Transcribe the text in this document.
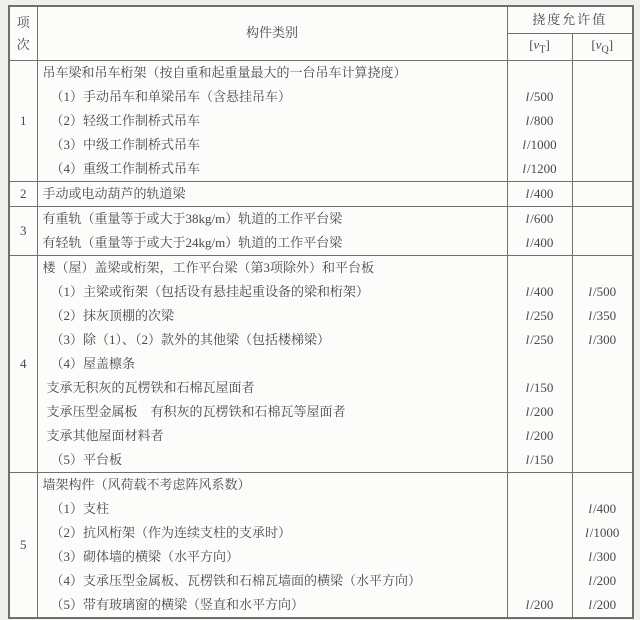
项
次	构件类别	挠度允许值	
		$[v_T]$	$[v_Q]$
1	吊车梁和吊车桁架（按自重和起重量最大的一台吊车计算挠度）		
	（1）手动吊车和单梁吊车（含悬挂吊车）	l/500	
	（2）轻级工作制桥式吊车	l/800	
	（3）中级工作制桥式吊车	l/1000	
	（4）重级工作制桥式吊车	l/1200	
2	手动或电动葫芦的轨道梁	l/400	
3	有重轨（重量等于或大于38kg/m）轨道的工作平台梁	l/600	
	有轻轨（重量等于或大于24kg/m）轨道的工作平台梁	l/400	
4	楼（屋）盖梁或桁架，工作平台梁（第3项除外）和平台板		
	（1）主梁或衔架（包括设有悬挂起重设备的梁和桁架）	l/400	l/500
	（2）抹灰顶棚的次梁	l/250	l/350
	（3）除（1）、（2）款外的其他梁（包括楼梯梁）	l/250	l/300
	（4）屋盖檩条		
	支承无积灰的瓦楞铁和石棉瓦屋面者	l/150	
	支承压型金属板　有积灰的瓦楞铁和石棉瓦等屋面者	l/200	
	支承其他屋面材料者	l/200	
	（5）平台板	l/150	
5	墙架构件（风荷载不考虑阵风系数）		
	（1）支柱		l/400
	（2）抗风桁架（作为连续支柱的支承时）		l/1000
	（3）砌体墙的横梁（水平方向）		l/300
	（4）支承压型金属板、瓦楞铁和石棉瓦墙面的横梁（水平方向）		l/200
	（5）带有玻璃窗的横梁（竖直和水平方向）	l/200	l/200
